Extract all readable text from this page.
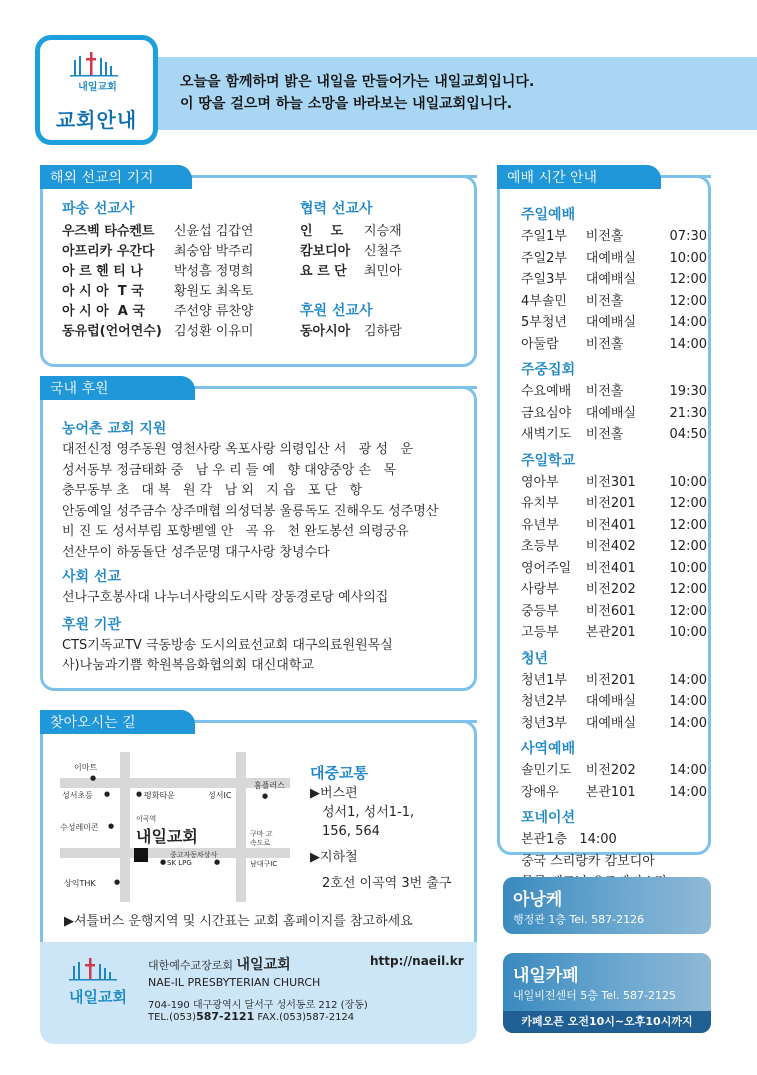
오늘을 함께하며 밝은 내일을 만들어가는 내일교회입니다.

이 땅을 걸으며 하늘 소망을 바라보는 내일교회입니다.

내일교회
교회안내
해외 선교의 기지
파송 선교사
우즈벡 타슈켄트	신윤섭 김갑연
아프리카 우간다	최숭암 박주리
아 르 헨 티 나	박성흠 정명희
아 시 아  T 국	황원도 최옥토
아 시 아  A 국	주선양 류찬양
동유럽(언어연수) 김성환 이유미
협력 선교사
인    도	지승재
캄보디아	신철주
요 르 단	최민아
후원 선교사
동아시아	김하람
국내 후원
농어촌 교회 지원
대전신정 영주동원 영천사랑 옥포사랑 의령입산 서   광 성   운
성서동부 정금태화 중   남 우 리 들 예   향 대양중앙 손   목
충무동부 초   대 복   원 각   남 외   지 읍   포 단   항
안동예일 성주금수 상주매협 의성덕봉 울릉독도 진해우도 성주명산
비 진 도 성서부림 포항벧엘 안   곡 유   천 완도봉선 의령궁유
선산무이 하동돌단 성주문명 대구사랑 창녕수다
사회 선교
선나구호봉사대 나누너사랑의도시락 장동경로당 예사의집
후원 기관
CTS기독교TV 극동방송 도시의료선교회 대구의료원원목실
사)나눔과기쁨 학원복음화협의회 대신대학교
찾아오시는 길
이마트
●
성서초등 ●	● 평화타운	성서IC
홈플러스
●
수성레미콘 ●
이곡역
내일교회	구마 고속도로
중고자동차상사
● SK LPG	●	남대구IC
상익THK	●
대중교통
▶버스편
성서1, 성서1-1,
156, 564
▶지하철
2호선 이곡역 3번 출구
▶셔틀버스 운행지역 및 시간표는 교회 홈페이지를 참고하세요
내일교회
대한예수교장로회 내일교회	http://naeil.kr
NAE-IL PRESBYTERIAN CHURCH
704-190 대구광역시 달서구 성서동로 212 (장동)
TEL.(053)587-2121 FAX.(053)587-2124
예배 시간 안내
주일예배
주일1부	비전홀	07:30
주일2부	대예배실	10:00
주일3부	대예배실	12:00
4부솔민	비전홀	12:00
5부청년	대예배실	14:00
아둘람	비전홀	14:00
주중집회
수요예배	비전홀	19:30
금요심야	대예배실	21:30
새벽기도	비전홀	04:50
주일학교
영아부	비전301	10:00
유치부	비전201	12:00
유년부	비전401	12:00
초등부	비전402	12:00
영어주일	비전401	10:00
사랑부	비전202	12:00
중등부	비전601	12:00
고등부	본관201	10:00
청년
청년1부	비전201	14:00
청년2부	대예배실	14:00
청년3부	대예배실	14:00
사역예배
솔민기도	비전202	14:00
장애우	본관101	14:00
포네이션
본관1층   14:00
중국 스리랑카 캄보디아
아낭케
행정관 1층 Tel. 587-2126
내일카페
내일비전센터 5층 Tel. 587-2125
카페오픈 오전10시~오후10시까지
